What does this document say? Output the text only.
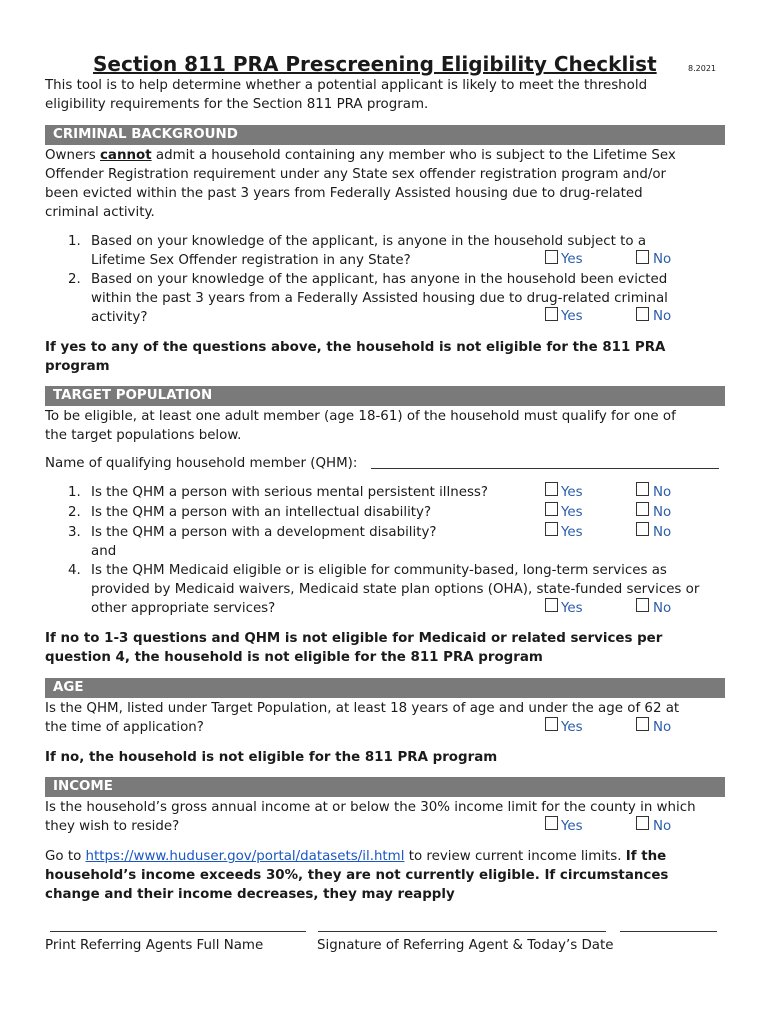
Section 811 PRA Prescreening Eligibility Checklist	8.2021
This tool is to help determine whether a potential applicant is likely to meet the threshold
eligibility requirements for the Section 811 PRA program.
CRIMINAL BACKGROUND
Owners cannot admit a household containing any member who is subject to the Lifetime Sex
Offender Registration requirement under any State sex offender registration program and/or
been evicted within the past 3 years from Federally Assisted housing due to drug-related
criminal activity.
1. Based on your knowledge of the applicant, is anyone in the household subject to a
Lifetime Sex Offender registration in any State?	Yes	No
2. Based on your knowledge of the applicant, has anyone in the household been evicted
within the past 3 years from a Federally Assisted housing due to drug-related criminal
activity?	Yes	No
If yes to any of the questions above, the household is not eligible for the 811 PRA
program
TARGET POPULATION
To be eligible, at least one adult member (age 18-61) of the household must qualify for one of
the target populations below.
Name of qualifying household member (QHM):
1. Is the QHM a person with serious mental persistent illness?	Yes	No
2. Is the QHM a person with an intellectual disability?	Yes	No
3. Is the QHM a person with a development disability?	Yes	No
and
4. Is the QHM Medicaid eligible or is eligible for community-based, long-term services as
provided by Medicaid waivers, Medicaid state plan options (OHA), state-funded services or
other appropriate services?	Yes	No
If no to 1-3 questions and QHM is not eligible for Medicaid or related services per
question 4, the household is not eligible for the 811 PRA program
AGE
Is the QHM, listed under Target Population, at least 18 years of age and under the age of 62 at
the time of application?	Yes	No
If no, the household is not eligible for the 811 PRA program
INCOME
Is the household’s gross annual income at or below the 30% income limit for the county in which
they wish to reside?	Yes	No
Go to https://www.huduser.gov/portal/datasets/il.html to review current income limits. If the
household’s income exceeds 30%, they are not currently eligible. If circumstances
change and their income decreases, they may reapply
Print Referring Agents Full Name	Signature of Referring Agent & Today’s Date
